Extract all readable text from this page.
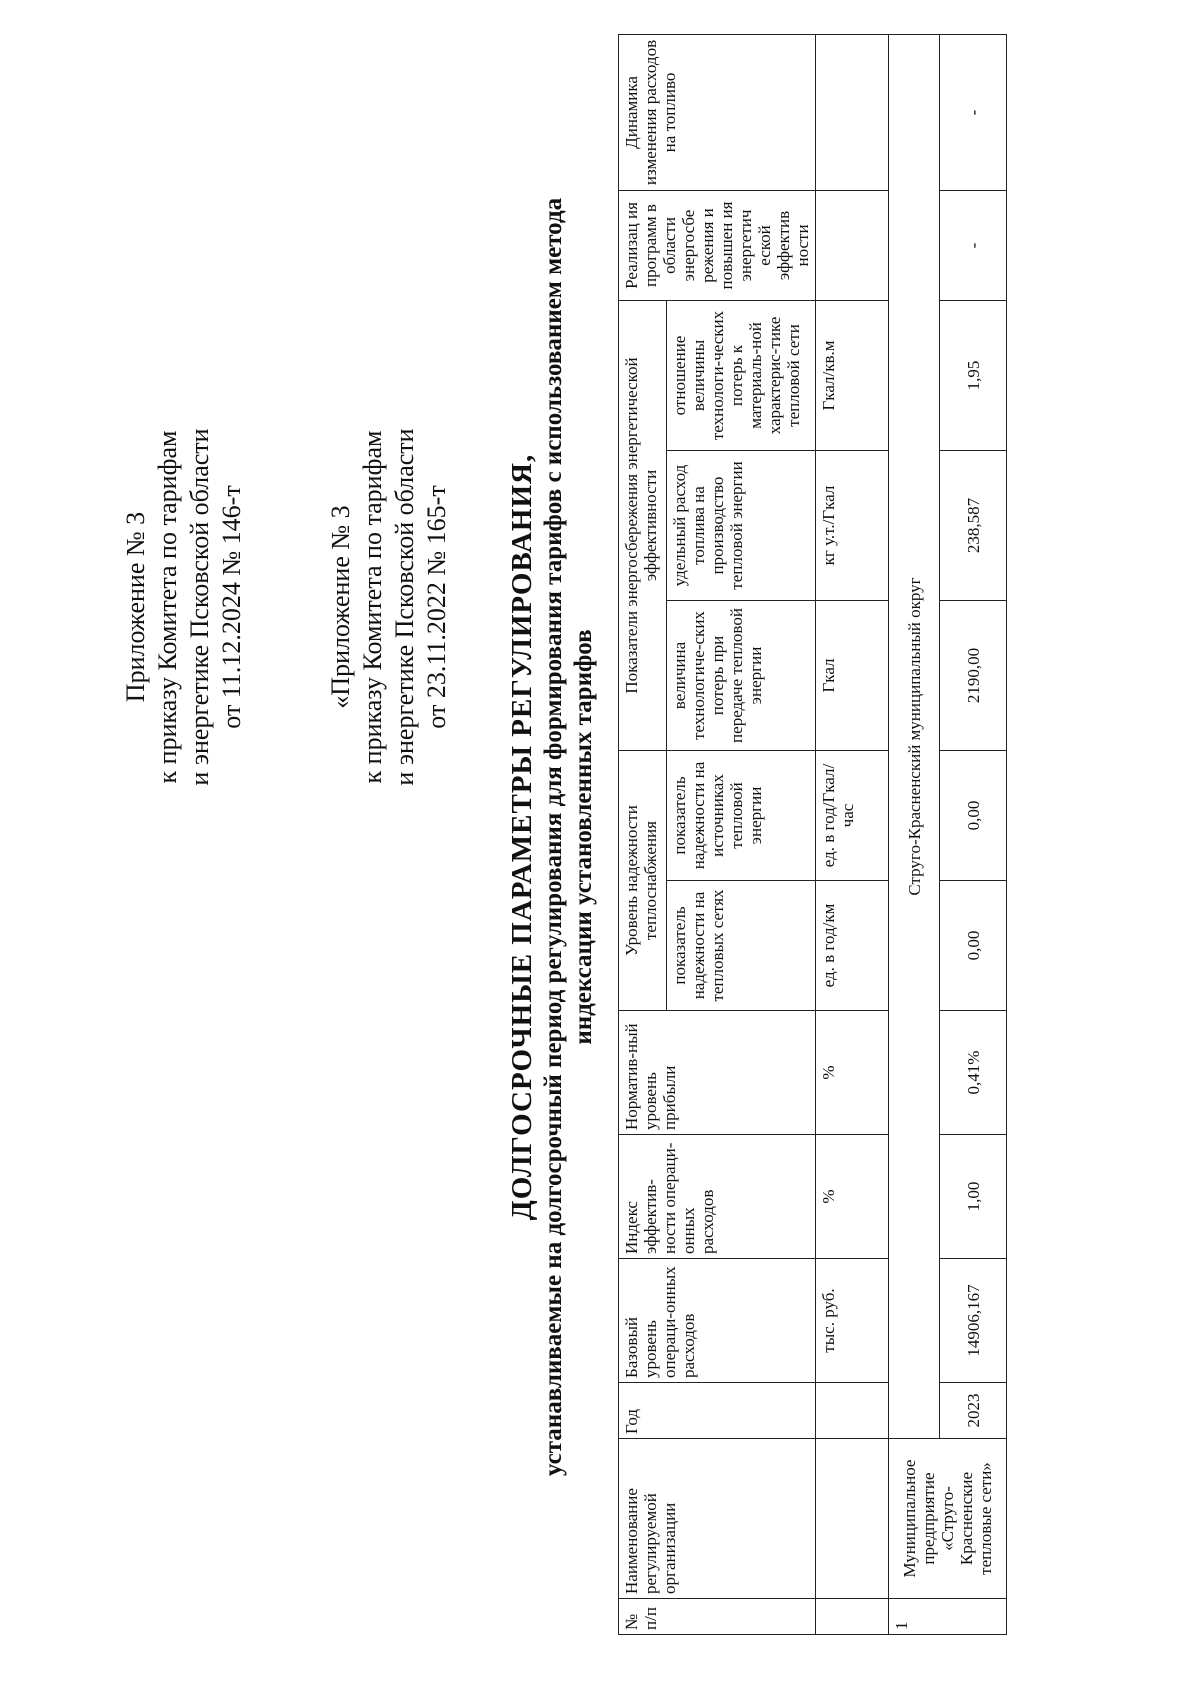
Приложение № 3 к приказу Комитета по тарифам и энергетике Псковской области от 11.12.2024 № 146-т	«Приложение № 3 к приказу Комитета по тарифам и энергетике Псковской области от 23.11.2022 № 165-т ДОЛГОСРОЧНЫЕ ПАРАМЕТРЫ РЕГУЛИРОВАНИЯ, устанавливаемые на долгосрочный период регулирования для формирования тарифов с использованием метода индексации установленных тарифов
№ п/п	Наименование регулируемой организации	Год	Базовый уровень операци-онных расходов	Индекс эффектив-ности операци-онных расходов	Норматив-ный уровень прибыли	Уровень надежности теплоснабжения		Показатели энергосбережения энергетической эффективности			Реализац ия программ в области энергосбе режения и повышен ия энергетич еской эффектив ности	Динамика изменения расходов на топливо
						показатель надежности на тепловых сетях	показатель надежности на источниках тепловой энергии	величина технологиче-ских потерь при передаче тепловой энергии	удельный расход топлива на производство тепловой энергии	отношение величины технологи-ческих потерь к материаль-ной характерис-тике тепловой сети		
			тыс. руб.	%	%	ед. в год/км	ед. в год/Гкал/час	Гкал	кг у.т./Гкал	Гкал/кв.м		
1	Муниципальное предприятие «Струго-Красненские тепловые сети»	Струго-Красненский муниципальный округ										
		2023	14906,167	1,00	0,41%	0,00	0,00	2190,00	238,587	1,95	-	-
